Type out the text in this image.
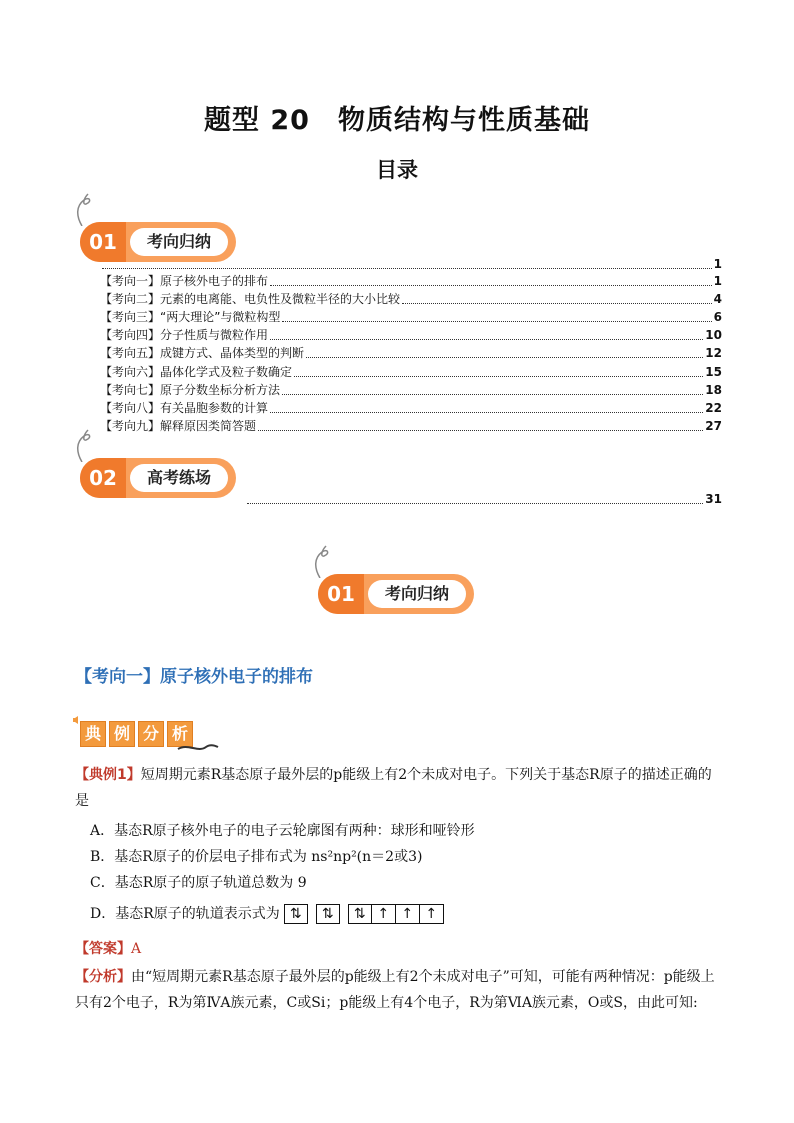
题型 20　物质结构与性质基础
目录
01	考向归纳
1
【考向一】原子核外电子的排布	1
【考向二】元素的电离能、电负性及微粒半径的大小比较	4
【考向三】“两大理论”与微粒构型	6
【考向四】分子性质与微粒作用	10
【考向五】成键方式、晶体类型的判断	12
【考向六】晶体化学式及粒子数确定	15
【考向七】原子分数坐标分析方法	18
【考向八】有关晶胞参数的计算	22
【考向九】解释原因类简答题	27
02	高考练场
31
01	考向归纳
【考向一】原子核外电子的排布
典 例 分 析
【典例1】短周期元素R基态原子最外层的p能级上有2个未成对电子。下列关于基态R原子的描述正确的是
A．基态R原子核外电子的电子云轮廓图有两种：球形和哑铃形
B．基态R原子的价层电子排布式为 ns²np²(n＝2或3)
C．基态R原子的原子轨道总数为 9
D．基态R原子的轨道表示式为 ⇅	⇅	⇅ ↑ ↑ ↑
【答案】A
【分析】由“短周期元素R基态原子最外层的p能级上有2个未成对电子”可知，可能有两种情况：p能级上只有2个电子，R为第ⅣA族元素，C或Si；p能级上有4个电子，R为第ⅥA族元素，O或S，由此可知:
